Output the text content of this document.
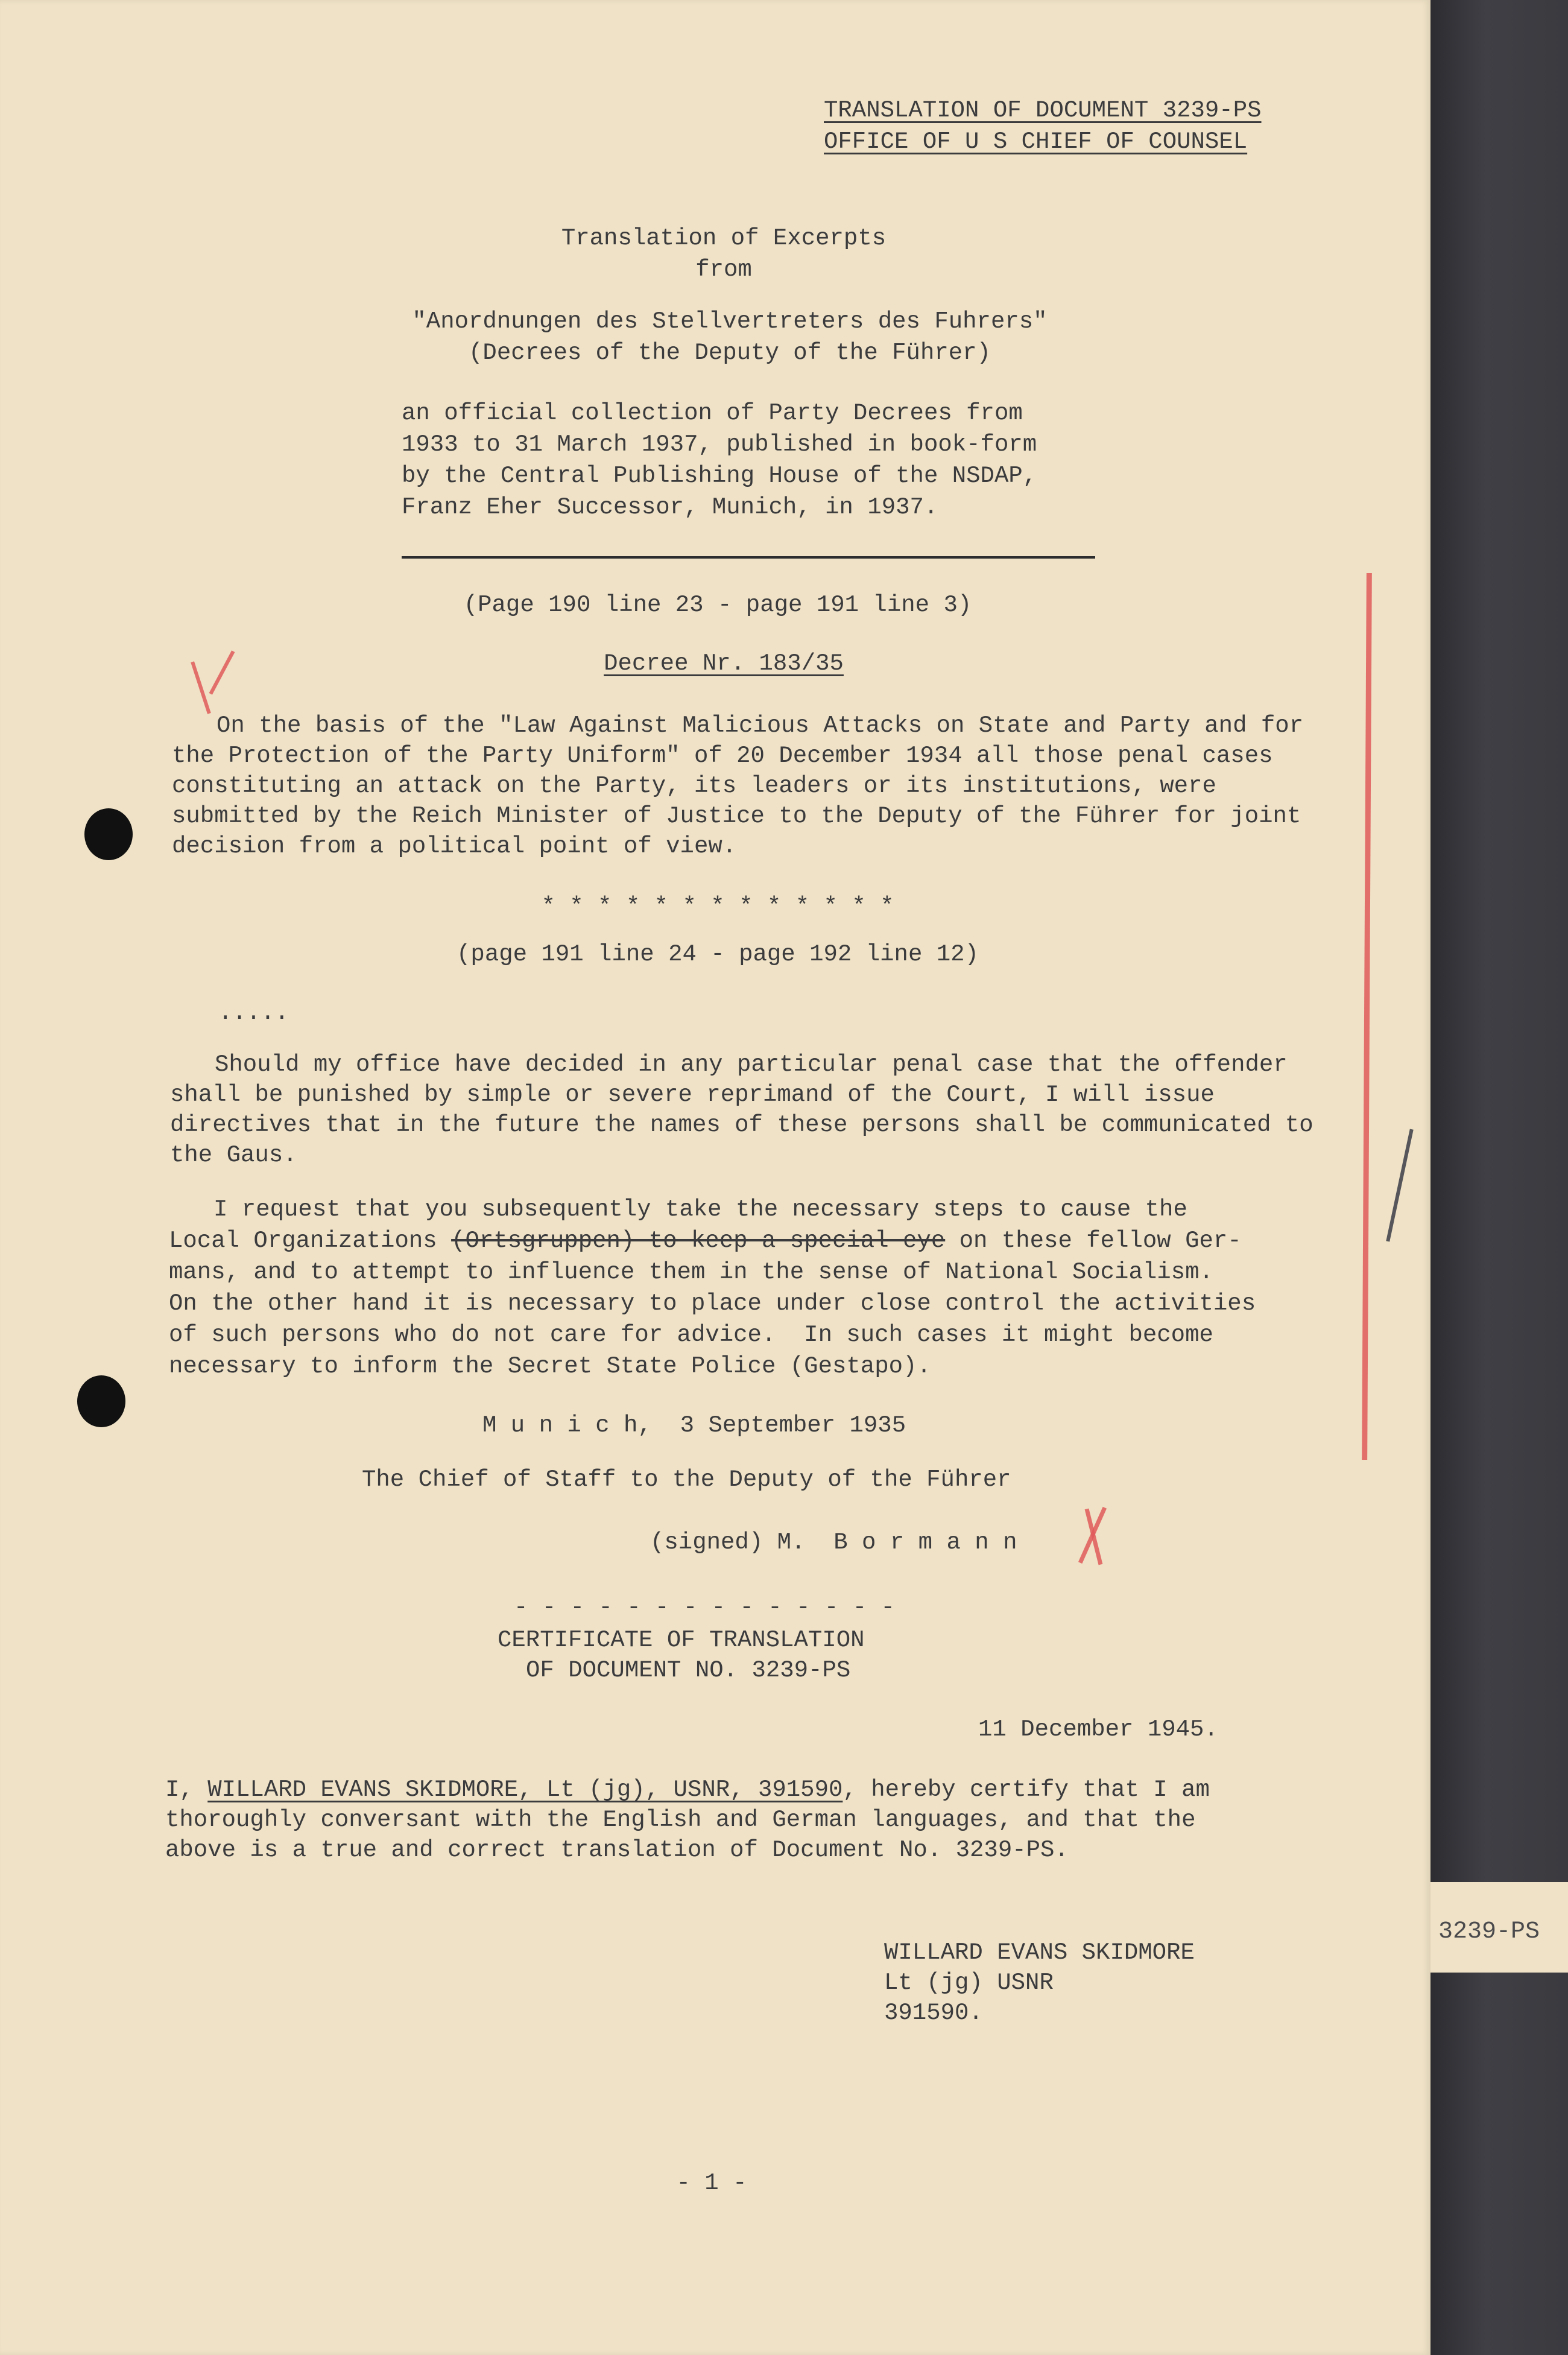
3239-PS
TRANSLATION OF DOCUMENT 3239-PS
OFFICE OF U S CHIEF OF COUNSEL
Translation of Excerpts
from
"Anordnungen des Stellvertreters des Fuhrers"
(Decrees of the Deputy of the Führer)
an official collection of Party Decrees from
1933 to 31 March 1937, published in book-form
by the Central Publishing House of the NSDAP,
Franz Eher Successor, Munich, in 1937.
(Page 190 line 23 - page 191 line 3)
Decree Nr. 183/35
On the basis of the "Law Against Malicious Attacks on State and Party and for the Protection of the Party Uniform" of 20 December 1934 all those penal cases constituting an attack on the Party, its leaders or its institutions, were submitted by the Reich Minister of Justice to the Deputy of the Führer for joint decision from a political point of view.
* * * * * * * * * * * * *
(page 191 line 24 - page 192 line 12)
.....
Should my office have decided in any particular penal case that the offender shall be punished by simple or severe reprimand of the Court, I will issue directives that in the future the names of these persons shall be communicated to the Gaus.
I request that you subsequently take the necessary steps to cause the
Local Organizations (Ortsgruppen) to keep a special eye on these fellow Ger-
mans, and to attempt to influence them in the sense of National Socialism.
On the other hand it is necessary to place under close control the activities
of such persons who do not care for advice.  In such cases it might become
necessary to inform the Secret State Police (Gestapo).
M u n i c h,  3 September 1935
The Chief of Staff to the Deputy of the Führer
(signed) M.  B o r m a n n
- - - - - - - - - - - - - -
CERTIFICATE OF TRANSLATION
OF DOCUMENT NO. 3239-PS
11 December 1945.
I, WILLARD EVANS SKIDMORE, Lt (jg), USNR, 391590, hereby certify that I am
thoroughly conversant with the English and German languages, and that the
above is a true and correct translation of Document No. 3239-PS.
WILLARD EVANS SKIDMORE
Lt (jg) USNR
391590.
- 1 -
